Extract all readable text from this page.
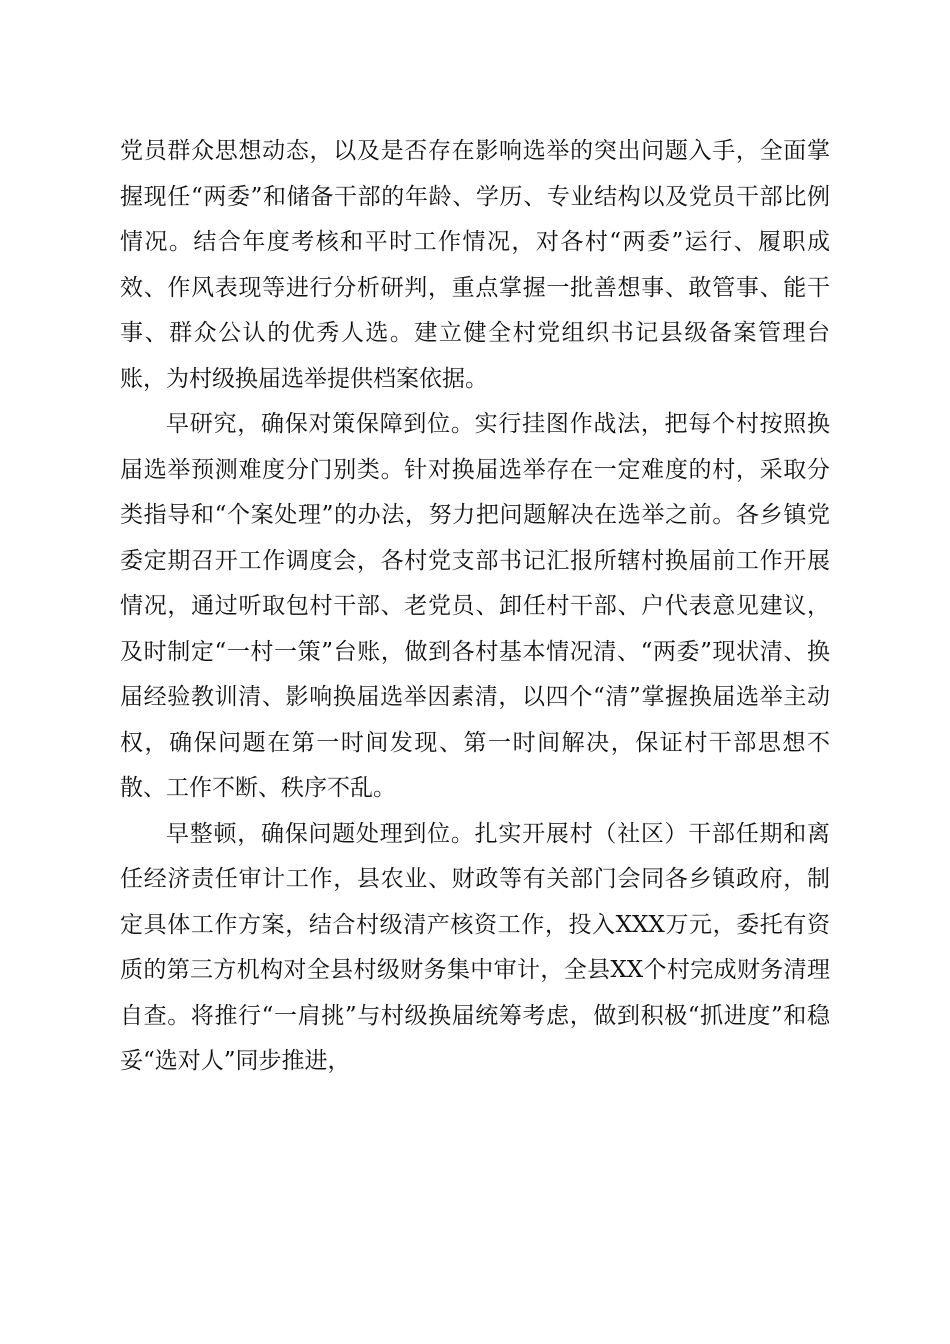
党员群众思想动态，以及是否存在影响选举的突出问题入手，全面掌握现任“两委”和储备干部的年龄、学历、专业结构以及党员干部比例情况。结合年度考核和平时工作情况，对各村“两委”运行、履职成效、作风表现等进行分析研判，重点掌握一批善想事、敢管事、能干事、群众公认的优秀人选。建立健全村党组织书记县级备案管理台账，为村级换届选举提供档案依据。

早研究，确保对策保障到位。实行挂图作战法，把每个村按照换届选举预测难度分门别类。针对换届选举存在一定难度的村，采取分类指导和“个案处理”的办法，努力把问题解决在选举之前。各乡镇党委定期召开工作调度会，各村党支部书记汇报所辖村换届前工作开展情况，通过听取包村干部、老党员、卸任村干部、户代表意见建议，及时制定“一村一策”台账，做到各村基本情况清、“两委”现状清、换届经验教训清、影响换届选举因素清，以四个“清”掌握换届选举主动权，确保问题在第一时间发现、第一时间解决，保证村干部思想不散、工作不断、秩序不乱。

早整顿，确保问题处理到位。扎实开展村（社区）干部任期和离任经济责任审计工作，县农业、财政等有关部门会同各乡镇政府，制定具体工作方案，结合村级清产核资工作，投入XXX万元，委托有资质的第三方机构对全县村级财务集中审计，全县XX个村完成财务清理自查。将推行“一肩挑”与村级换届统筹考虑，做到积极“抓进度”和稳妥“选对人”同步推进，
